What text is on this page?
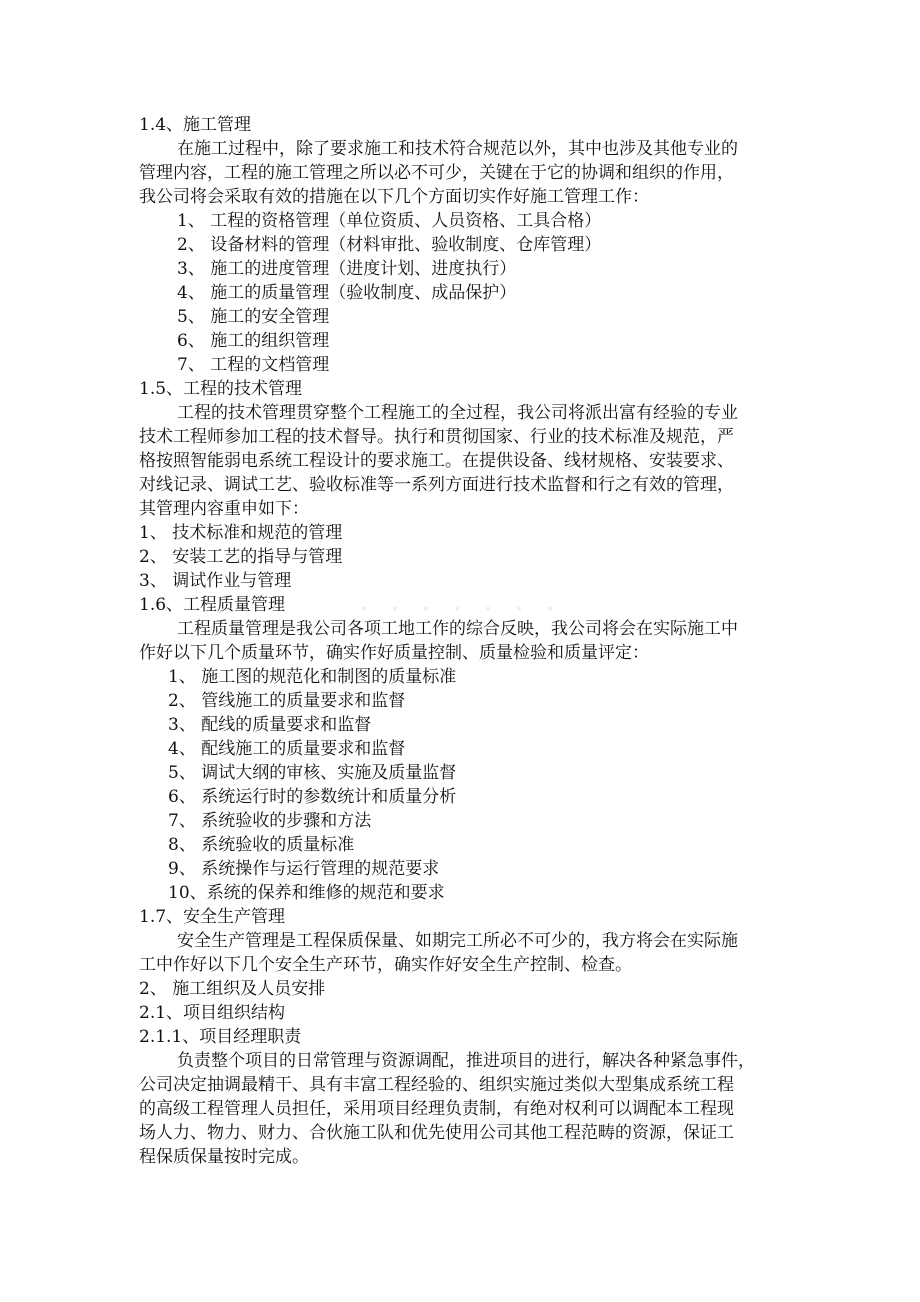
· · · · · · ·
1.4、施工管理
在施工过程中，除了要求施工和技术符合规范以外，其中也涉及其他专业的
管理内容，工程的施工管理之所以必不可少，关键在于它的协调和组织的作用，
我公司将会采取有效的措施在以下几个方面切实作好施工管理工作：
1、 工程的资格管理（单位资质、人员资格、工具合格）
2、 设备材料的管理（材料审批、验收制度、仓库管理）
3、 施工的进度管理（进度计划、进度执行）
4、 施工的质量管理（验收制度、成品保护）
5、 施工的安全管理
6、 施工的组织管理
7、 工程的文档管理
1.5、工程的技术管理
工程的技术管理贯穿整个工程施工的全过程，我公司将派出富有经验的专业
技术工程师参加工程的技术督导。执行和贯彻国家、行业的技术标准及规范，严
格按照智能弱电系统工程设计的要求施工。在提供设备、线材规格、安装要求、
对线记录、调试工艺、验收标准等一系列方面进行技术监督和行之有效的管理，
其管理内容重申如下：
1、 技术标准和规范的管理
2、 安装工艺的指导与管理
3、 调试作业与管理
1.6、工程质量管理
工程质量管理是我公司各项工地工作的综合反映，我公司将会在实际施工中
作好以下几个质量环节，确实作好质量控制、质量检验和质量评定：
1、 施工图的规范化和制图的质量标准
2、 管线施工的质量要求和监督
3、 配线的质量要求和监督
4、 配线施工的质量要求和监督
5、 调试大纲的审核、实施及质量监督
6、 系统运行时的参数统计和质量分析
7、 系统验收的步骤和方法
8、 系统验收的质量标准
9、 系统操作与运行管理的规范要求
10、系统的保养和维修的规范和要求
1.7、安全生产管理
安全生产管理是工程保质保量、如期完工所必不可少的，我方将会在实际施
工中作好以下几个安全生产环节，确实作好安全生产控制、检查。
2、 施工组织及人员安排
2.1、项目组织结构
2.1.1、项目经理职责
负责整个项目的日常管理与资源调配，推进项目的进行，解决各种紧急事件，
公司决定抽调最精干、具有丰富工程经验的、组织实施过类似大型集成系统工程
的高级工程管理人员担任，采用项目经理负责制，有绝对权利可以调配本工程现
场人力、物力、财力、合伙施工队和优先使用公司其他工程范畴的资源，保证工
程保质保量按时完成。
